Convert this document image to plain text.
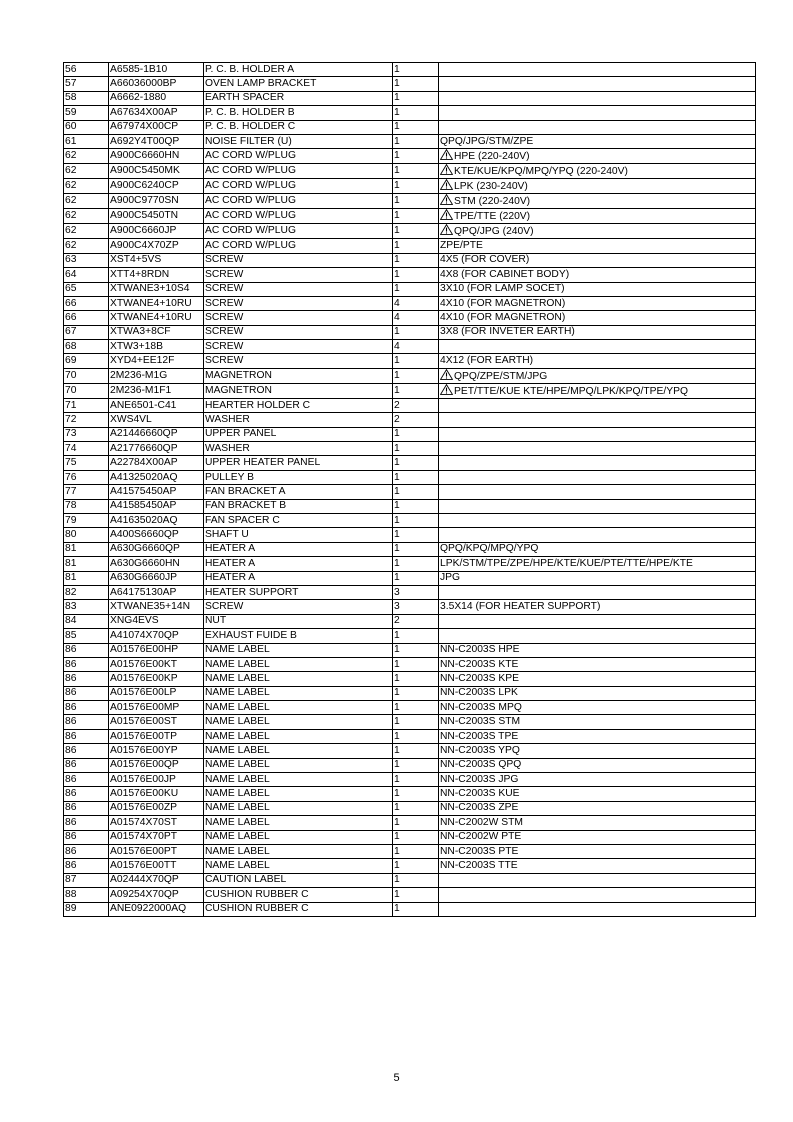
56	A6585-1B10	P. C. B. HOLDER A	1	
57	A66036000BP	OVEN LAMP BRACKET	1	
58	A6662-1880	EARTH SPACER	1	
59	A67634X00AP	P. C. B. HOLDER B	1	
60	A67974X00CP	P. C. B. HOLDER C	1	
61	A692Y4T00QP	NOISE FILTER (U)	1	QPQ/JPG/STM/ZPE
62	A900C6660HN	AC CORD W/PLUG	1	HPE (220-240V)
62	A900C5450MK	AC CORD W/PLUG	1	KTE/KUE/KPQ/MPQ/YPQ (220-240V)
62	A900C6240CP	AC CORD W/PLUG	1	LPK (230-240V)
62	A900C9770SN	AC CORD W/PLUG	1	STM (220-240V)
62	A900C5450TN	AC CORD W/PLUG	1	TPE/TTE (220V)
62	A900C6660JP	AC CORD W/PLUG	1	QPQ/JPG (240V)
62	A900C4X70ZP	AC CORD W/PLUG	1	ZPE/PTE
63	XST4+5VS	SCREW	1	4X5 (FOR COVER)
64	XTT4+8RDN	SCREW	1	4X8 (FOR CABINET BODY)
65	XTWANE3+10S4	SCREW	1	3X10 (FOR LAMP SOCET)
66	XTWANE4+10RU	SCREW	4	4X10 (FOR MAGNETRON)
66	XTWANE4+10RU	SCREW	4	4X10 (FOR MAGNETRON)
67	XTWA3+8CF	SCREW	1	3X8 (FOR INVETER EARTH)
68	XTW3+18B	SCREW	4	
69	XYD4+EE12F	SCREW	1	4X12 (FOR EARTH)
70	2M236-M1G	MAGNETRON	1	QPQ/ZPE/STM/JPG
70	2M236-M1F1	MAGNETRON	1	PET/TTE/KUE KTE/HPE/MPQ/LPK/KPQ/TPE/YPQ
71	ANE6501-C41	HEARTER HOLDER C	2	
72	XWS4VL	WASHER	2	
73	A21446660QP	UPPER PANEL	1	
74	A21776660QP	WASHER	1	
75	A22784X00AP	UPPER HEATER PANEL	1	
76	A41325020AQ	PULLEY B	1	
77	A41575450AP	FAN BRACKET A	1	
78	A41585450AP	FAN BRACKET B	1	
79	A41635020AQ	FAN SPACER C	1	
80	A400S6660QP	SHAFT U	1	
81	A630G6660QP	HEATER A	1	QPQ/KPQ/MPQ/YPQ
81	A630G6660HN	HEATER A	1	LPK/STM/TPE/ZPE/HPE/KTE/KUE/PTE/TTE/HPE/KTE
81	A630G6660JP	HEATER A	1	JPG
82	A64175130AP	HEATER SUPPORT	3	
83	XTWANE35+14N	SCREW	3	3.5X14 (FOR HEATER SUPPORT)
84	XNG4EVS	NUT	2	
85	A41074X70QP	EXHAUST FUIDE B	1	
86	A01576E00HP	NAME LABEL	1	NN-C2003S HPE
86	A01576E00KT	NAME LABEL	1	NN-C2003S KTE
86	A01576E00KP	NAME LABEL	1	NN-C2003S KPE
86	A01576E00LP	NAME LABEL	1	NN-C2003S LPK
86	A01576E00MP	NAME LABEL	1	NN-C2003S MPQ
86	A01576E00ST	NAME LABEL	1	NN-C2003S STM
86	A01576E00TP	NAME LABEL	1	NN-C2003S TPE
86	A01576E00YP	NAME LABEL	1	NN-C2003S YPQ
86	A01576E00QP	NAME LABEL	1	NN-C2003S QPQ
86	A01576E00JP	NAME LABEL	1	NN-C2003S JPG
86	A01576E00KU	NAME LABEL	1	NN-C2003S KUE
86	A01576E00ZP	NAME LABEL	1	NN-C2003S ZPE
86	A01574X70ST	NAME LABEL	1	NN-C2002W STM
86	A01574X70PT	NAME LABEL	1	NN-C2002W PTE
86	A01576E00PT	NAME LABEL	1	NN-C2003S PTE
86	A01576E00TT	NAME LABEL	1	NN-C2003S TTE
87	A02444X70QP	CAUTION LABEL	1	
88	A09254X70QP	CUSHION RUBBER C	1	
89	ANE0922000AQ	CUSHION RUBBER C	1	
5
